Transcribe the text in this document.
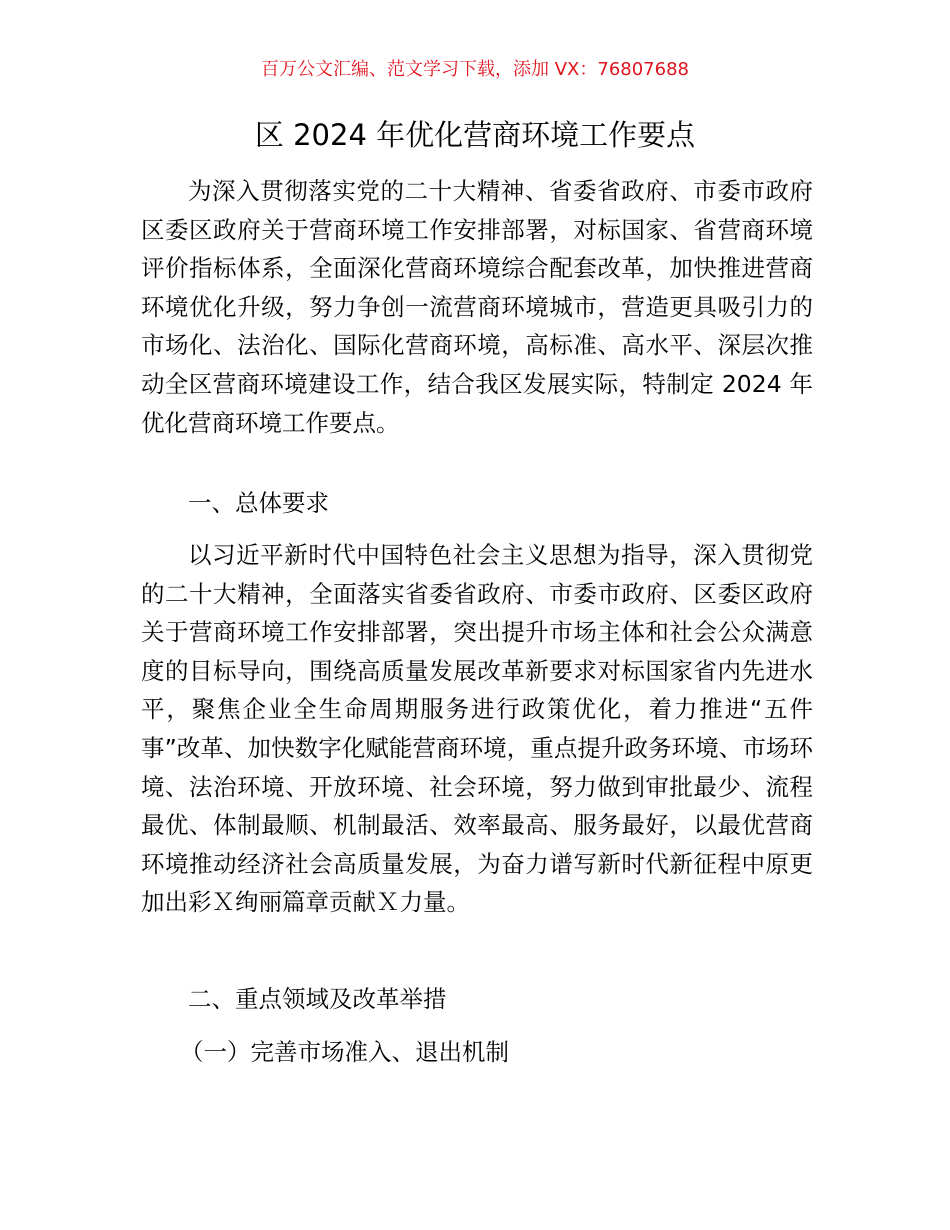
百万公文汇编、范文学习下载，添加 VX：76807688
区 2024 年优化营商环境工作要点

为深入贯彻落实党的二十大精神、省委省政府、市委市政府区委区政府关于营商环境工作安排部署，对标国家、省营商环境评价指标体系，全面深化营商环境综合配套改革，加快推进营商环境优化升级，努力争创一流营商环境城市，营造更具吸引力的市场化、法治化、国际化营商环境，高标准、高水平、深层次推动全区营商环境建设工作，结合我区发展实际，特制定 2024 年优化营商环境工作要点。

一、总体要求

以习近平新时代中国特色社会主义思想为指导，深入贯彻党的二十大精神，全面落实省委省政府、市委市政府、区委区政府关于营商环境工作安排部署，突出提升市场主体和社会公众满意度的目标导向，围绕高质量发展改革新要求对标国家省内先进水平，聚焦企业全生命周期服务进行政策优化，着力推进“五件事”改革、加快数字化赋能营商环境，重点提升政务环境、市场环境、法治环境、开放环境、社会环境，努力做到审批最少、流程最优、体制最顺、机制最活、效率最高、服务最好，以最优营商环境推动经济社会高质量发展，为奋力谱写新时代新征程中原更加出彩Ｘ绚丽篇章贡献Ｘ力量。

二、重点领域及改革举措
（一）完善市场准入、退出机制
